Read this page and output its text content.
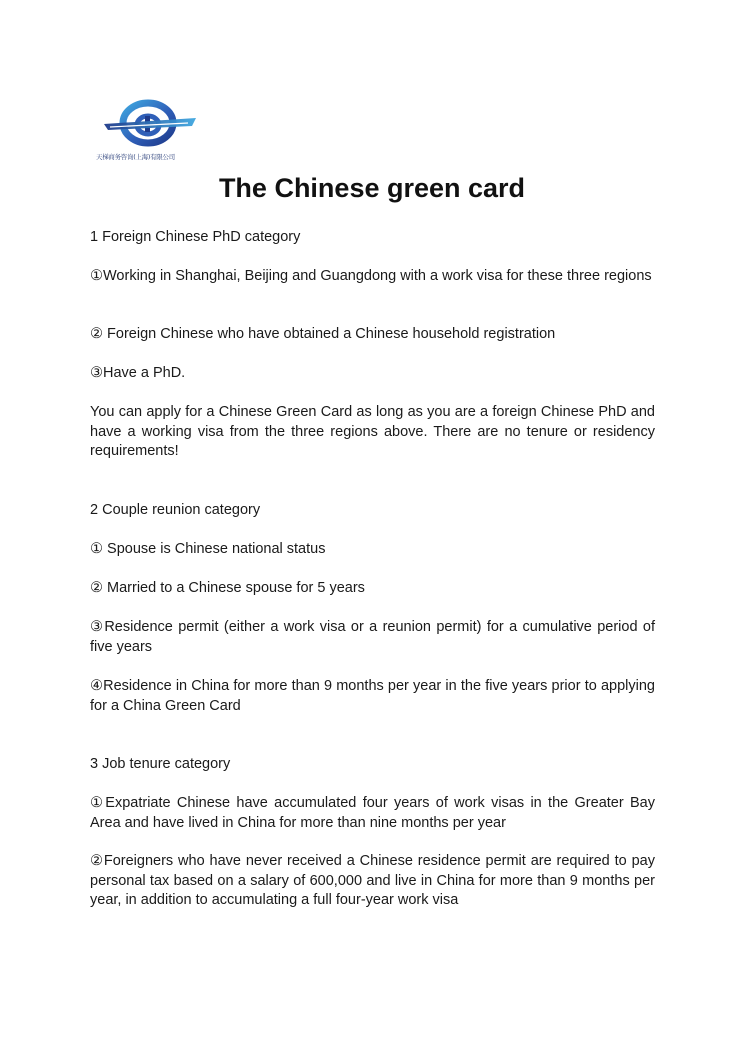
天梯商务咨询(上海)有限公司
The Chinese green card

1 Foreign Chinese PhD category

①Working in Shanghai, Beijing and Guangdong with a work visa for these three regions

② Foreign Chinese who have obtained a Chinese household registration

③Have a PhD.

You can apply for a Chinese Green Card as long as you are a foreign Chinese PhD and have a working visa from the three regions above. There are no tenure or residency requirements!

2 Couple reunion category

① Spouse is Chinese national status

② Married to a Chinese spouse for 5 years

③Residence permit (either a work visa or a reunion permit) for a cumulative period of five years

④Residence in China for more than 9 months per year in the five years prior to applying for a China Green Card

3 Job tenure category

①Expatriate Chinese have accumulated four years of work visas in the Greater Bay Area and have lived in China for more than nine months per year

②Foreigners who have never received a Chinese residence permit are required to pay personal tax based on a salary of 600,000 and live in China for more than 9 months per year, in addition to accumulating a full four-year work visa
